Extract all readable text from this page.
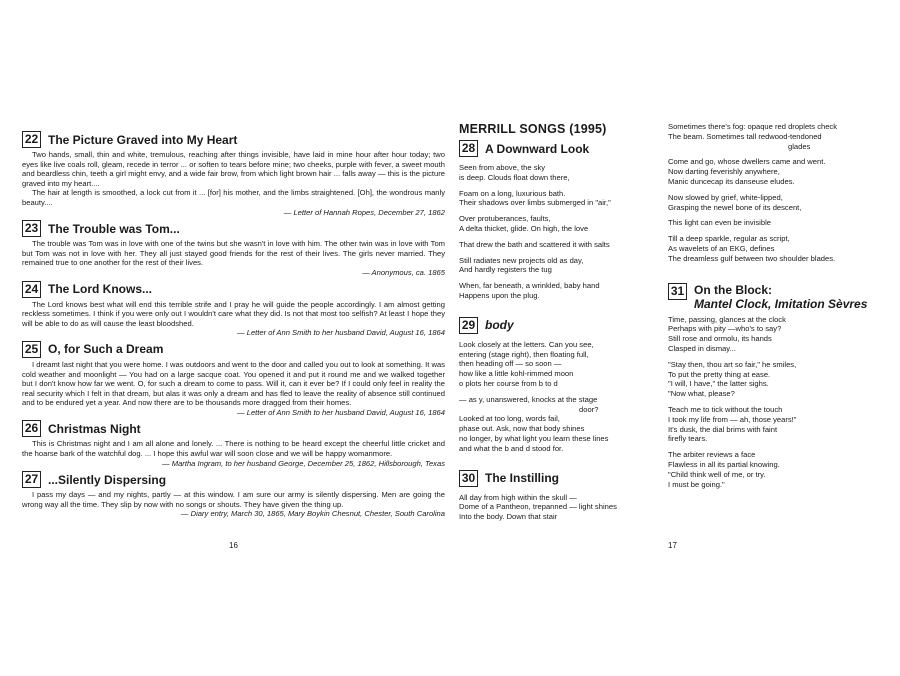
22 The Picture Graved into My Heart

Two hands, small, thin and white, tremulous, reaching after things invisible, have laid in mine hour after hour today; two eyes like live coals roll, gleam, recede in terror ... or soften to tears before mine; two cheeks, purple with fever, a sweet mouth and beardless chin, teeth a girl might envy, and a wide fair brow, from which light brown hair ... falls away — this is the picture graved into my heart....

The hair at length is smoothed, a lock cut from it ... [for] his mother, and the limbs straightened. [Oh], the wondrous manly beauty....

— Letter of Hannah Ropes, December 27, 1862
23 The Trouble was Tom...

The trouble was Tom was in love with one of the twins but she wasn't in love with him. The other twin was in love with Tom but Tom was not in love with her. They all just stayed good friends for the rest of their lives. The girls never married. They remained true to one another for the rest of their lives.

— Anonymous, ca. 1865
24 The Lord Knows...

The Lord knows best what will end this terrible strife and I pray he will guide the people accordingly. I am almost getting reckless sometimes. I think if you were only out I wouldn't care what they did. Is not that most too selfish? At least I hope they will be able to do as will cause the least bloodshed.

— Letter of Ann Smith to her husband David, August 16, 1864
25 O, for Such a Dream

I dreamt last night that you were home. I was outdoors and went to the door and called you out to look at something. It was cold weather and moonlight — You had on a large sacque coat. You opened it and put it round me and we walked together but I don't know how far we went. O, for such a dream to come to pass. Will it, can it ever be? If I could only feel in reality the real security which I felt in that dream, but alas it was only a dream and has fled to leave the reality of absence still continued and to be endured yet a year. And now there are to be thousands more dragged from their homes.

— Letter of Ann Smith to her husband David, August 16, 1864
26 Christmas Night

This is Christmas night and I am all alone and lonely. ... There is nothing to be heard except the cheerful little cricket and the hoarse bark of the watchful dog. ... I hope this awful war will soon close and we will be happy womanmore.

— Martha Ingram, to her husband George, December 25, 1862, Hillsborough, Texas
27 ...Silently Dispersing

I pass my days — and my nights, partly — at this window. I am sure our army is silently dispersing. Men are going the wrong way all the time. They slip by now with no songs or shouts. They have given the thing up.

— Diary entry, March 30, 1865, Mary Boykin Chesnut, Chester, South Carolina
16
MERRILL SONGS (1995)
28 A Downward Look
Seen from above, the sky
is deep. Clouds float down there,
Foam on a long, luxurious bath.
Their shadows over limbs submerged in "air,"
Over protuberances, faults,
A delta thicket, glide. On high, the love
That drew the bath and scattered it with salts
Still radiates new projects old as day,
And hardly registers the tug
When, far beneath, a wrinkled, baby hand
Happens upon the plug.
29 body
Look closely at the letters. Can you see,
entering (stage right), then floating full,
then heading off — so soon —
how like a little kohl-rimmed moon
o plots her course from b to d
— as y, unanswered, knocks at the stage
door?
Looked at too long, words fail,
phase out. Ask, now that body shines
no longer, by what light you learn these lines
and what the b and d stood for.
30 The Instilling
All day from high within the skull —
Dome of a Pantheon, trepanned — light shines
Into the body. Down that stair
Sometimes there's fog: opaque red droplets check
The beam. Sometimes tall redwood-tendoned
glades
Come and go, whose dwellers came and went.
Now darting feverishly anywhere,
Manic duncecap its danseuse eludes.
Now slowed by grief, white-lipped,
Grasping the newel bone of its descent,
This light can even be invisible
Till a deep sparkle, regular as script,
As wavelets of an EKG, defines
The dreamless gulf between two shoulder blades.
31 On the Block:
Mantel Clock, Imitation Sèvres
Time, passing, glances at the clock
Perhaps with pity —who's to say?
Still rose and ormolu, its hands
Clasped in dismay...
"Stay then, thou art so fair," he smiles,
To put the pretty thing at ease.
"I will, I have," the latter sighs.
"Now what, please?
Teach me to tick without the touch
I took my life from — ah, those years!"
It's dusk, the dial brims with faint
firefly tears.
The arbiter reviews a face
Flawless in all its partial knowing.
"Child think well of me, or try.
I must be going."
17
